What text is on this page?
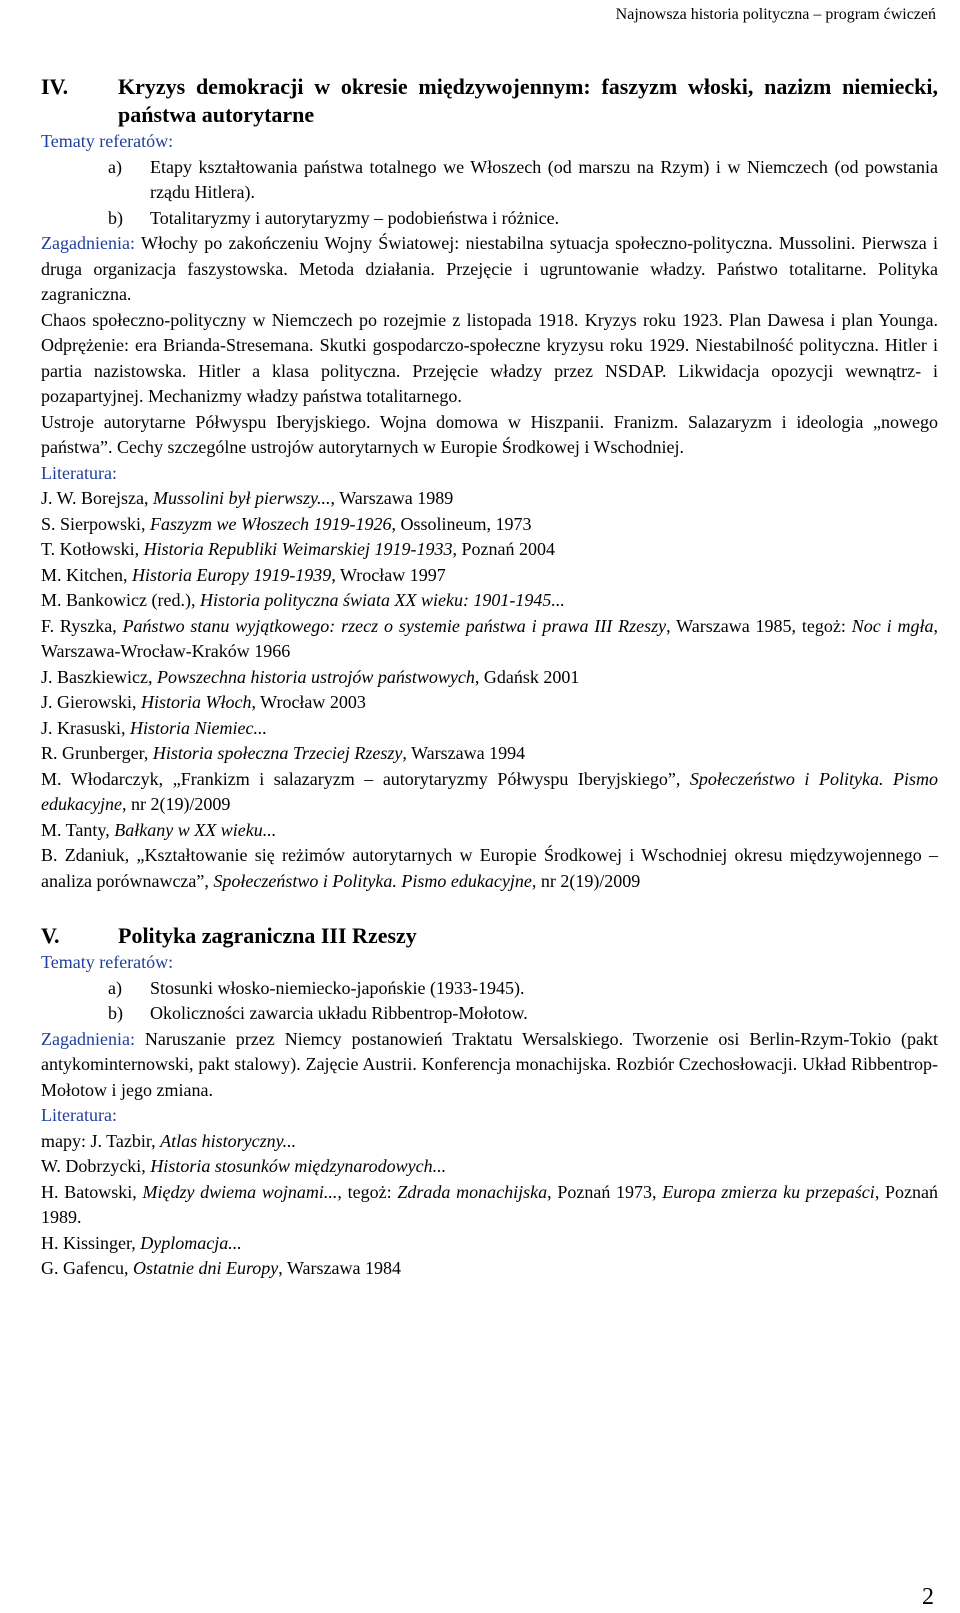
Najnowsza historia polityczna – program ćwiczeń
IV.	Kryzys demokracji w okresie międzywojennym: faszyzm włoski, nazizm niemiecki, państwa autorytarne
Tematy referatów:
a)	Etapy kształtowania państwa totalnego we Włoszech (od marszu na Rzym) i w Niemczech (od powstania rządu Hitlera).
b)	Totalitaryzmy i autorytaryzmy – podobieństwa i różnice.
Zagadnienia: Włochy po zakończeniu Wojny Światowej: niestabilna sytuacja społeczno-polityczna. Mussolini. Pierwsza i druga organizacja faszystowska. Metoda działania. Przejęcie i ugruntowanie władzy. Państwo totalitarne. Polityka zagraniczna.
Chaos społeczno-polityczny w Niemczech po rozejmie z listopada 1918. Kryzys roku 1923. Plan Dawesa i plan Younga. Odprężenie: era Brianda-Stresemana. Skutki gospodarczo-społeczne kryzysu roku 1929. Niestabilność polityczna. Hitler i partia nazistowska. Hitler a klasa polityczna. Przejęcie władzy przez NSDAP. Likwidacja opozycji wewnątrz- i pozapartyjnej. Mechanizmy władzy państwa totalitarnego.
Ustroje autorytarne Półwyspu Iberyjskiego. Wojna domowa w Hiszpanii. Franizm. Salazaryzm i ideologia „nowego państwa”. Cechy szczególne ustrojów autorytarnych w Europie Środkowej i Wschodniej.
Literatura:
J. W. Borejsza, Mussolini był pierwszy..., Warszawa 1989
S. Sierpowski, Faszyzm we Włoszech 1919-1926, Ossolineum, 1973
T. Kotłowski, Historia Republiki Weimarskiej 1919-1933, Poznań 2004
M. Kitchen, Historia Europy 1919-1939, Wrocław 1997
M. Bankowicz (red.), Historia polityczna świata XX wieku: 1901-1945...
F. Ryszka, Państwo stanu wyjątkowego: rzecz o systemie państwa i prawa III Rzeszy, Warszawa 1985, tegoż: Noc i mgła, Warszawa-Wrocław-Kraków 1966
J. Baszkiewicz, Powszechna historia ustrojów państwowych, Gdańsk 2001
J. Gierowski, Historia Włoch, Wrocław 2003
J. Krasuski, Historia Niemiec...
R. Grunberger, Historia społeczna Trzeciej Rzeszy, Warszawa 1994
M. Włodarczyk, „Frankizm i salazaryzm – autorytaryzmy Półwyspu Iberyjskiego”, Społeczeństwo i Polityka. Pismo edukacyjne, nr 2(19)/2009
M. Tanty, Bałkany w XX wieku...
B. Zdaniuk, „Kształtowanie się reżimów autorytarnych w Europie Środkowej i Wschodniej okresu międzywojennego – analiza porównawcza”, Społeczeństwo i Polityka. Pismo edukacyjne, nr 2(19)/2009
V.	Polityka zagraniczna III Rzeszy
Tematy referatów:
a)	Stosunki włosko-niemiecko-japońskie (1933-1945).
b)	Okoliczności zawarcia układu Ribbentrop-Mołotow.
Zagadnienia: Naruszanie przez Niemcy postanowień Traktatu Wersalskiego. Tworzenie osi Berlin-Rzym-Tokio (pakt antykominternowski, pakt stalowy). Zajęcie Austrii. Konferencja monachijska. Rozbiór Czechosłowacji. Układ Ribbentrop-Mołotow i jego zmiana.
Literatura:
mapy: J. Tazbir, Atlas historyczny...
W. Dobrzycki, Historia stosunków międzynarodowych...
H. Batowski, Między dwiema wojnami..., tegoż: Zdrada monachijska, Poznań 1973, Europa zmierza ku przepaści, Poznań 1989.
H. Kissinger, Dyplomacja...
G. Gafencu, Ostatnie dni Europy, Warszawa 1984
2
